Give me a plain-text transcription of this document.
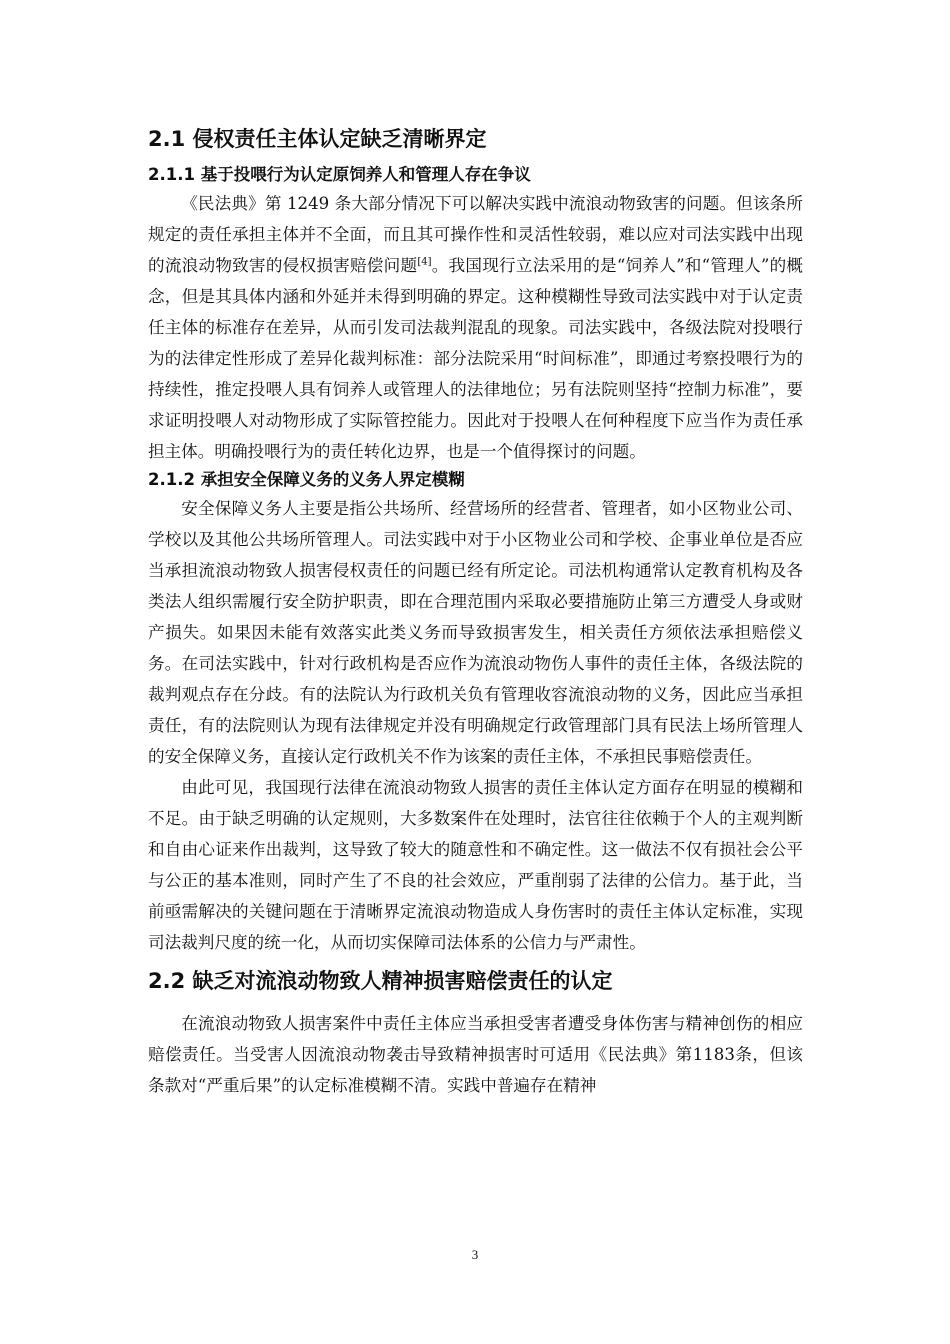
2.1 侵权责任主体认定缺乏清晰界定
2.1.1 基于投喂行为认定原饲养人和管理人存在争议

《民法典》第 1249 条大部分情况下可以解决实践中流浪动物致害的问题。但该条所规定的责任承担主体并不全面，而且其可操作性和灵活性较弱，难以应对司法实践中出现的流浪动物致害的侵权损害赔偿问题[4]。我国现行立法采用的是“饲养人”和“管理人”的概念，但是其具体内涵和外延并未得到明确的界定。这种模糊性导致司法实践中对于认定责任主体的标准存在差异，从而引发司法裁判混乱的现象。司法实践中，各级法院对投喂行为的法律定性形成了差异化裁判标准：部分法院采用“时间标准”，即通过考察投喂行为的持续性，推定投喂人具有饲养人或管理人的法律地位；另有法院则坚持“控制力标准”，要求证明投喂人对动物形成了实际管控能力。因此对于投喂人在何种程度下应当作为责任承担主体。明确投喂行为的责任转化边界，也是一个值得探讨的问题。

2.1.2 承担安全保障义务的义务人界定模糊

安全保障义务人主要是指公共场所、经营场所的经营者、管理者，如小区物业公司、学校以及其他公共场所管理人。司法实践中对于小区物业公司和学校、企事业单位是否应当承担流浪动物致人损害侵权责任的问题已经有所定论。司法机构通常认定教育机构及各类法人组织需履行安全防护职责，即在合理范围内采取必要措施防止第三方遭受人身或财产损失。如果因未能有效落实此类义务而导致损害发生，相关责任方须依法承担赔偿义务。在司法实践中，针对行政机构是否应作为流浪动物伤人事件的责任主体，各级法院的裁判观点存在分歧。有的法院认为行政机关负有管理收容流浪动物的义务，因此应当承担责任，有的法院则认为现有法律规定并没有明确规定行政管理部门具有民法上场所管理人的安全保障义务，直接认定行政机关不作为该案的责任主体，不承担民事赔偿责任。

由此可见，我国现行法律在流浪动物致人损害的责任主体认定方面存在明显的模糊和不足。由于缺乏明确的认定规则，大多数案件在处理时，法官往往依赖于个人的主观判断和自由心证来作出裁判，这导致了较大的随意性和不确定性。这一做法不仅有损社会公平与公正的基本准则，同时产生了不良的社会效应，严重削弱了法律的公信力。基于此，当前亟需解决的关键问题在于清晰界定流浪动物造成人身伤害时的责任主体认定标准，实现司法裁判尺度的统一化，从而切实保障司法体系的公信力与严肃性。

2.2 缺乏对流浪动物致人精神损害赔偿责任的认定

在流浪动物致人损害案件中责任主体应当承担受害者遭受身体伤害与精神创伤的相应赔偿责任。当受害人因流浪动物袭击导致精神损害时可适用《民法典》第1183条，但该条款对“严重后果”的认定标准模糊不清。实践中普遍存在精神

3
